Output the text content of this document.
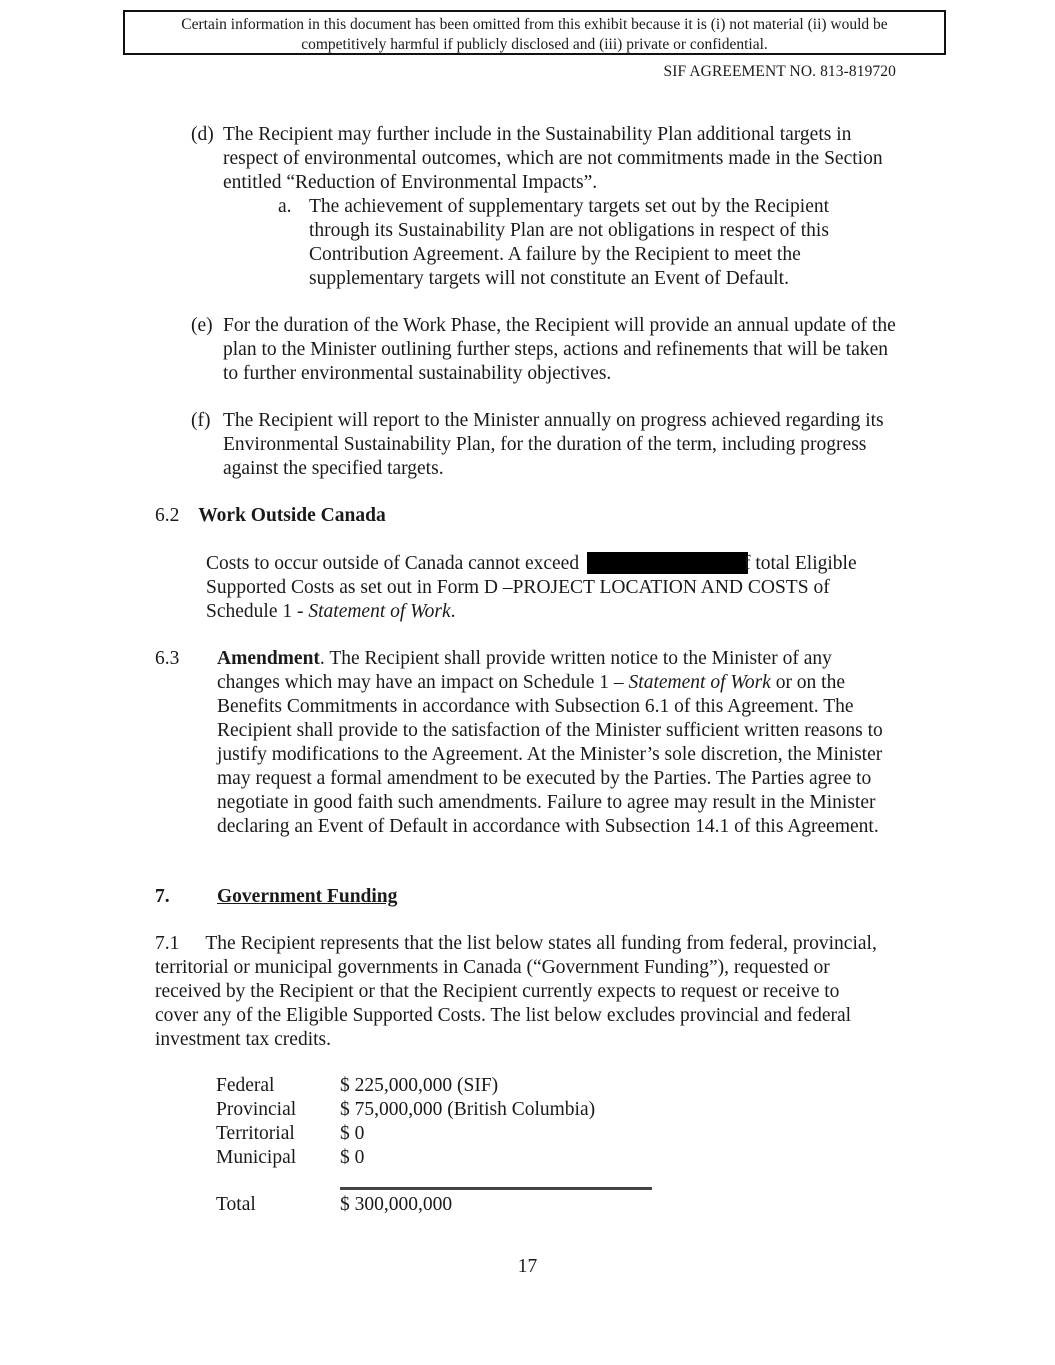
Certain information in this document has been omitted from this exhibit because it is (i) not material (ii) would be
competitively harmful if publicly disclosed and (iii) private or confidential.
SIF AGREEMENT NO. 813-819720
(d) The Recipient may further include in the Sustainability Plan additional targets in respect of environmental outcomes, which are not commitments made in the Section entitled “Reduction of Environmental Impacts”.
a. The achievement of supplementary targets set out by the Recipient through its Sustainability Plan are not obligations in respect of this Contribution Agreement. A failure by the Recipient to meet the supplementary targets will not constitute an Event of Default.
(e) For the duration of the Work Phase, the Recipient will provide an annual update of the plan to the Minister outlining further steps, actions and refinements that will be taken to further environmental sustainability objectives.
(f) The Recipient will report to the Minister annually on progress achieved regarding its Environmental Sustainability Plan, for the duration of the term, including progress against the specified targets.
6.2 Work Outside Canada
Costs to occur outside of Canada cannot exceed	f total Eligible Supported Costs as set out in Form D –PROJECT LOCATION AND COSTS of Schedule 1 - Statement of Work.
6.3 Amendment. The Recipient shall provide written notice to the Minister of any changes which may have an impact on Schedule 1 – Statement of Work or on the Benefits Commitments in accordance with Subsection 6.1 of this Agreement. The Recipient shall provide to the satisfaction of the Minister sufficient written reasons to justify modifications to the Agreement. At the Minister’s sole discretion, the Minister may request a formal amendment to be executed by the Parties. The Parties agree to negotiate in good faith such amendments. Failure to agree may result in the Minister declaring an Event of Default in accordance with Subsection 14.1 of this Agreement.
7. Government Funding
7.1 The Recipient represents that the list below states all funding from federal, provincial, territorial or municipal governments in Canada (“Government Funding”), requested or received by the Recipient or that the Recipient currently expects to request or receive to cover any of the Eligible Supported Costs. The list below excludes provincial and federal investment tax credits.
Federal	$ 225,000,000 (SIF)
Provincial $ 75,000,000 (British Columbia)
Territorial $ 0
Municipal $ 0
Total	$ 300,000,000
17
